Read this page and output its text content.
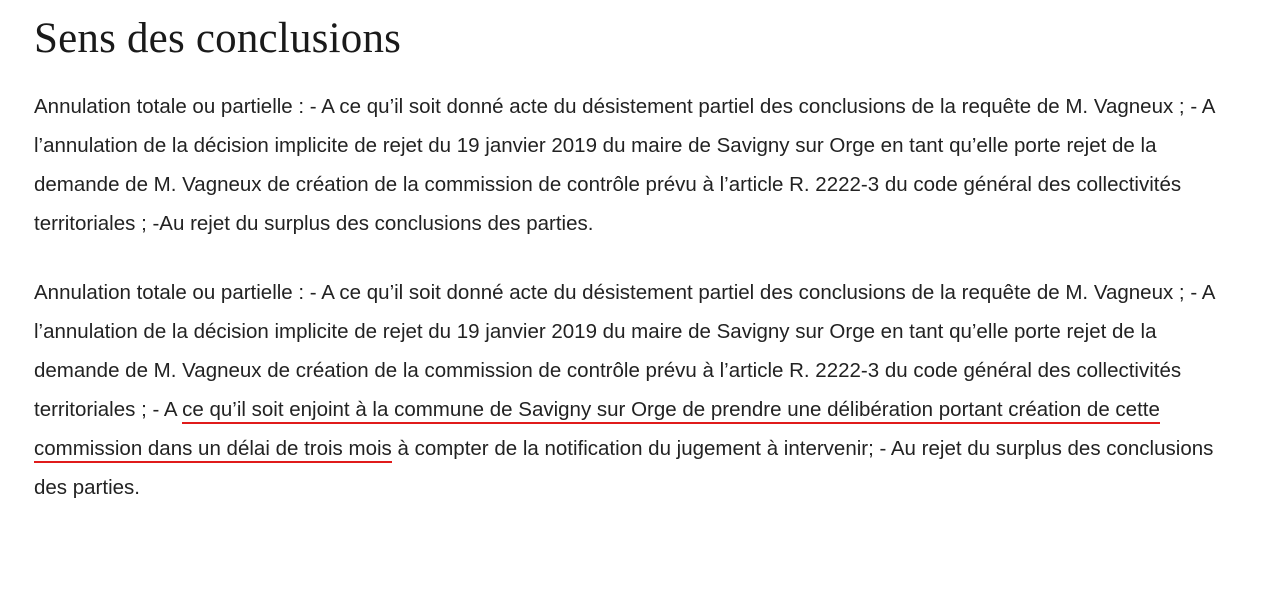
Sens des conclusions

Annulation totale ou partielle : - A ce qu’il soit donné acte du désistement partiel des conclusions de la requête de M. Vagneux ; - A l’annulation de la décision implicite de rejet du 19 janvier 2019 du maire de Savigny sur Orge en tant qu’elle porte rejet de la demande de M. Vagneux de création de la commission de contrôle prévu à l’article R. 2222-3 du code général des collectivités territoriales ; -Au rejet du surplus des conclusions des parties.

Annulation totale ou partielle : - A ce qu’il soit donné acte du désistement partiel des conclusions de la requête de M. Vagneux ; - A l’annulation de la décision implicite de rejet du 19 janvier 2019 du maire de Savigny sur Orge en tant qu’elle porte rejet de la demande de M. Vagneux de création de la commission de contrôle prévu à l’article R. 2222-3 du code général des collectivités territoriales ; - A ce qu’il soit enjoint à la commune de Savigny sur Orge de prendre une délibération portant création de cette commission dans un délai de trois mois à compter de la notification du jugement à intervenir; - Au rejet du surplus des conclusions des parties.
